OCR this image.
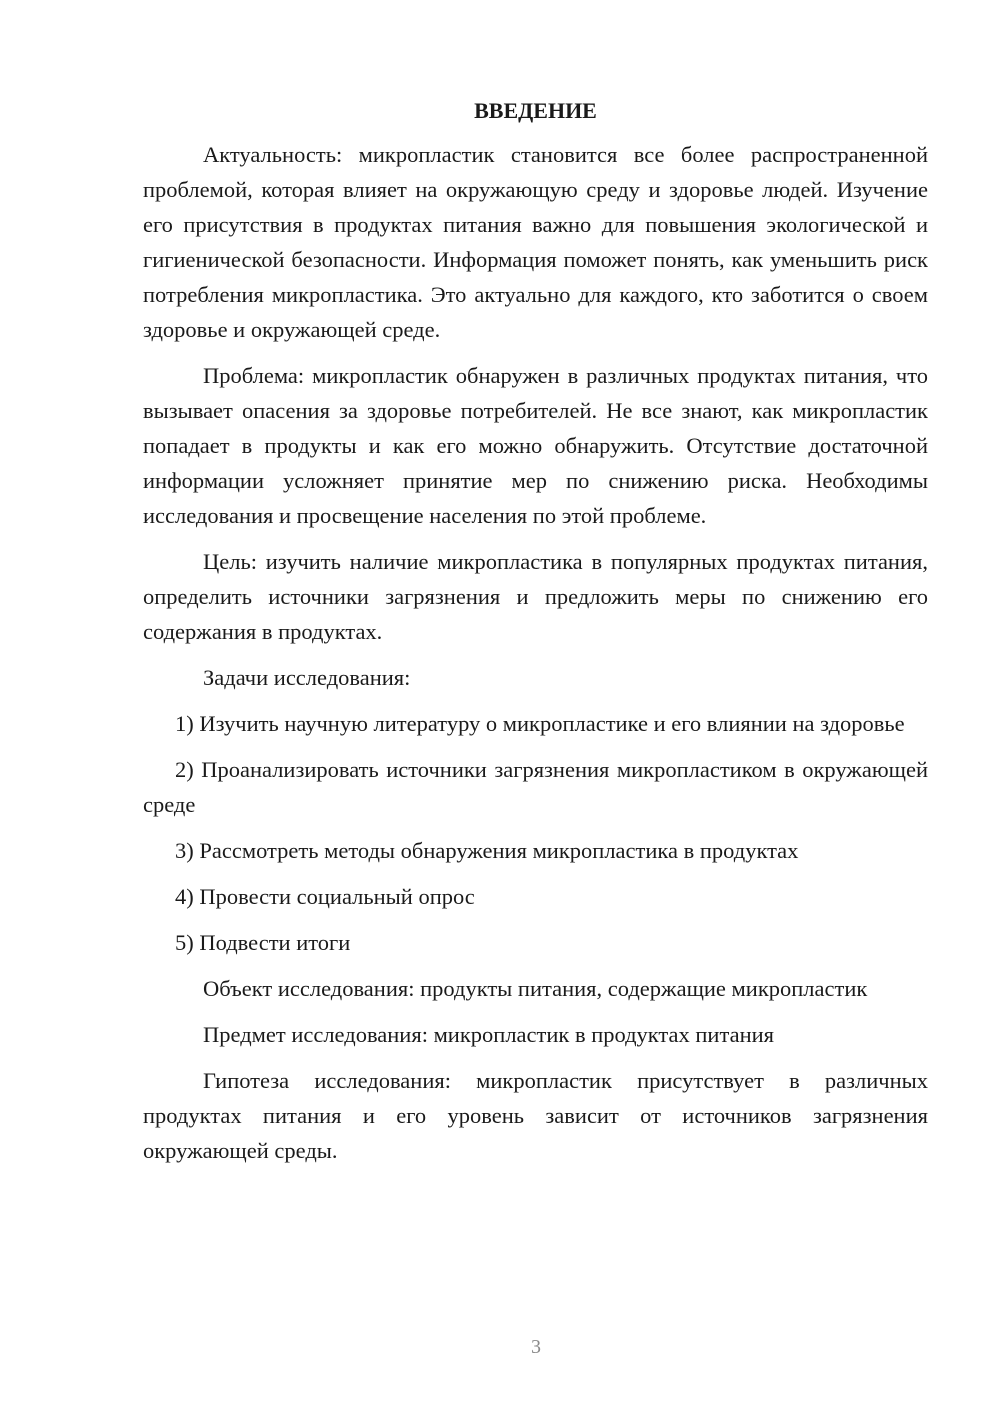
ВВЕДЕНИЕ

Актуальность: микропластик становится все более распространенной проблемой, которая влияет на окружающую среду и здоровье людей. Изучение его присутствия в продуктах питания важно для повышения экологической и гигиенической безопасности. Информация поможет понять, как уменьшить риск потребления микропластика. Это актуально для каждого, кто заботится о своем здоровье и окружающей среде.

Проблема: микропластик обнаружен в различных продуктах питания, что вызывает опасения за здоровье потребителей. Не все знают, как микропластик попадает в продукты и как его можно обнаружить. Отсутствие достаточной информации усложняет принятие мер по снижению риска. Необходимы исследования и просвещение населения по этой проблеме.

Цель: изучить наличие микропластика в популярных продуктах питания, определить источники загрязнения и предложить меры по снижению его содержания в продуктах.

Задачи исследования:

1) Изучить научную литературу о микропластике и его влиянии на здоровье

2) Проанализировать источники загрязнения микропластиком в окружающей среде

3) Рассмотреть методы обнаружения микропластика в продуктах

4) Провести социальный опрос

5) Подвести итоги

Объект исследования: продукты питания, содержащие микропластик

Предмет исследования: микропластик в продуктах питания

Гипотеза исследования: микропластик присутствует в различных продуктах питания и его уровень зависит от источников загрязнения окружающей среды.

3
